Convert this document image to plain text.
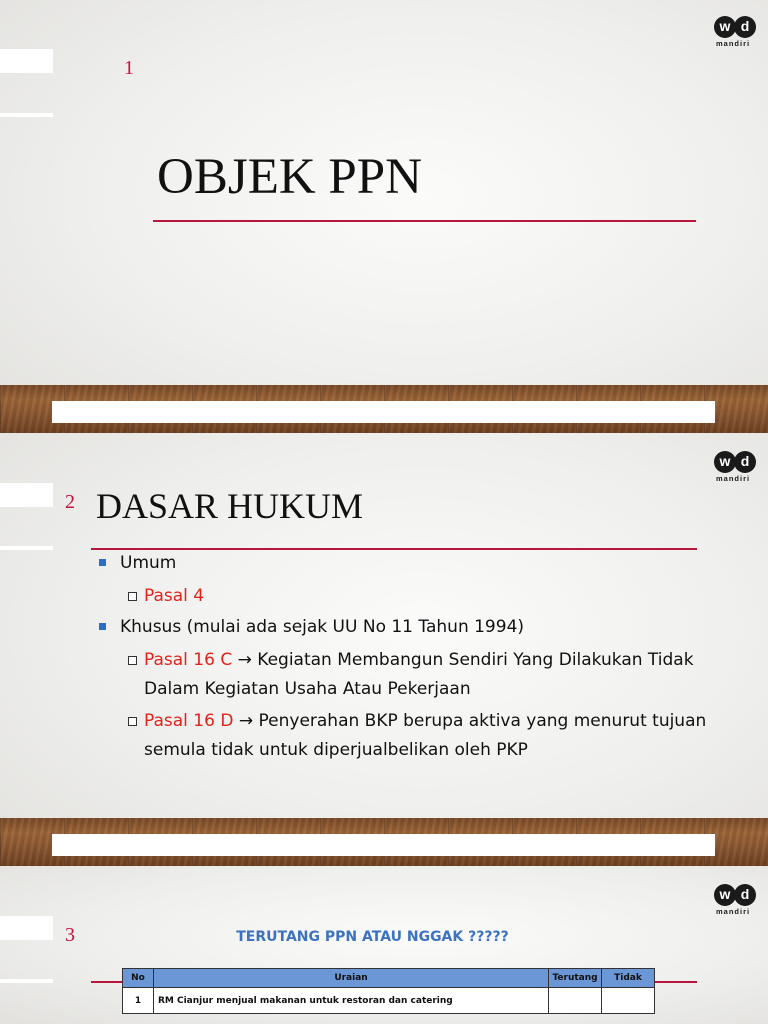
1
w d
mandiri
OBJEK PPN
2
w d
mandiri
DASAR HUKUM
Umum
Pasal 4
Khusus (mulai ada sejak UU No 11 Tahun 1994)
Pasal 16 C → Kegiatan Membangun Sendiri Yang Dilakukan Tidak Dalam Kegiatan Usaha Atau Pekerjaan
Pasal 16 D → Penyerahan BKP berupa aktiva yang menurut tujuan semula tidak untuk diperjualbelikan oleh PKP
3
w d
mandiri
TERUTANG PPN ATAU NGGAK ?????
No	Uraian	Terutang	Tidak
1	RM Cianjur menjual makanan untuk restoran dan catering		
